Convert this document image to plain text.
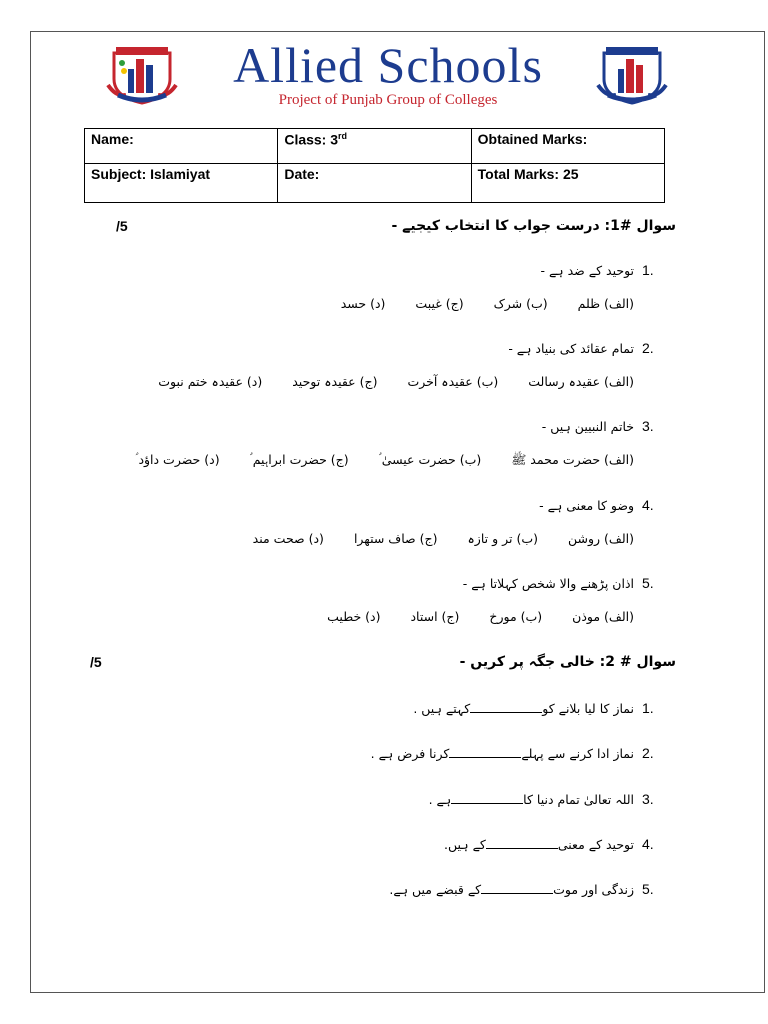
Allied Schools
Project of Punjab Group of Colleges
Name:	Class: 3rd	Obtained Marks:
Subject: Islamiyat	Date:	Total Marks: 25
/5	سوال #1: درست جواب کا انتخاب کیجیے -
1.
توحید کے ضد ہے -
(الف) ظلم(ب) شرک(ج) غیبت(د) حسد
2.
تمام عقائد کی بنیاد ہے -
(الف) عقیدہ رسالت(ب) عقیدہ آخرت(ج) عقیدہ توحید(د) عقیدہ ختم نبوت
3.
خاتم النبیین ہیں -
(الف) حضرت محمد ﷺ(ب) حضرت عیسیٰ ؑ(ج) حضرت ابراہیم ؑ(د) حضرت داؤد ؑ
4.
وضو کا معنی ہے -
(الف) روشن(ب) تر و تازہ(ج) صاف ستھرا(د) صحت مند
5.
اذان پڑھنے والا شخص کہلاتا ہے -
(الف) موذن(ب) مورخ(ج) استاد(د) خطیب
/5	سوال # 2: خالی جگہ پر کریں -
1.
نماز کا لیا بلانے کوکہتے ہیں .
2.
نماز ادا کرنے سے پہلےکرنا فرض ہے .
3.
اللہ تعالیٰ تمام دنیا کاہے .
4.
توحید کے معنیکے ہیں.
5.
زندگی اور موتکے قبضے میں ہے.
